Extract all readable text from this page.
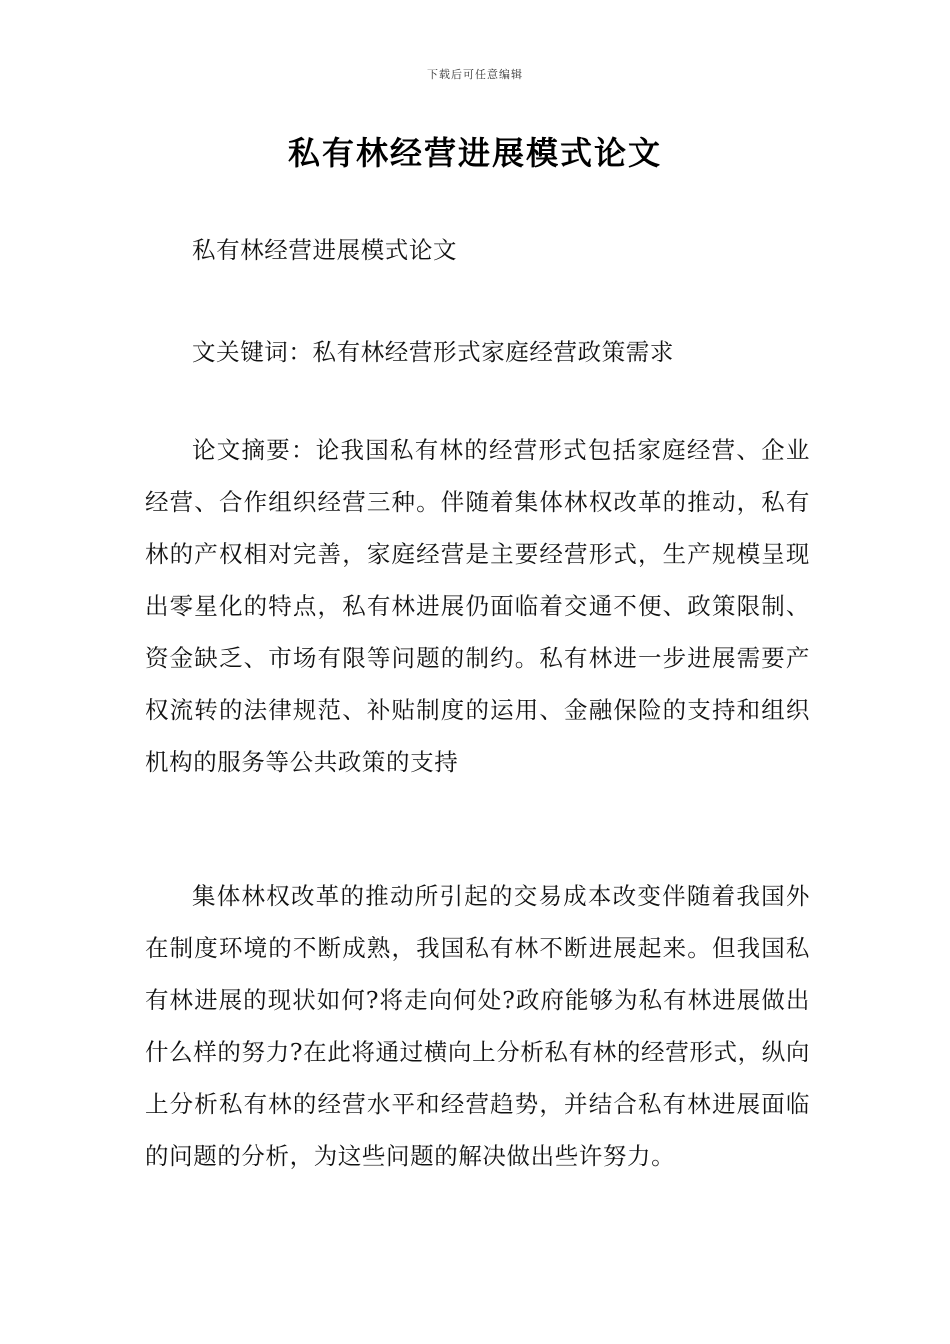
下载后可任意编辑
私有林经营进展模式论文

私有林经营进展模式论文

文关键词：私有林经营形式家庭经营政策需求

论文摘要：论我国私有林的经营形式包括家庭经营、企业经营、合作组织经营三种。伴随着集体林权改革的推动，私有林的产权相对完善，家庭经营是主要经营形式，生产规模呈现出零星化的特点，私有林进展仍面临着交通不便、政策限制、资金缺乏、市场有限等问题的制约。私有林进一步进展需要产权流转的法律规范、补贴制度的运用、金融保险的支持和组织机构的服务等公共政策的支持

集体林权改革的推动所引起的交易成本改变伴随着我国外在制度环境的不断成熟，我国私有林不断进展起来。但我国私有林进展的现状如何?将走向何处?政府能够为私有林进展做出什么样的努力?在此将通过横向上分析私有林的经营形式，纵向上分析私有林的经营水平和经营趋势，并结合私有林进展面临的问题的分析，为这些问题的解决做出些许努力。
